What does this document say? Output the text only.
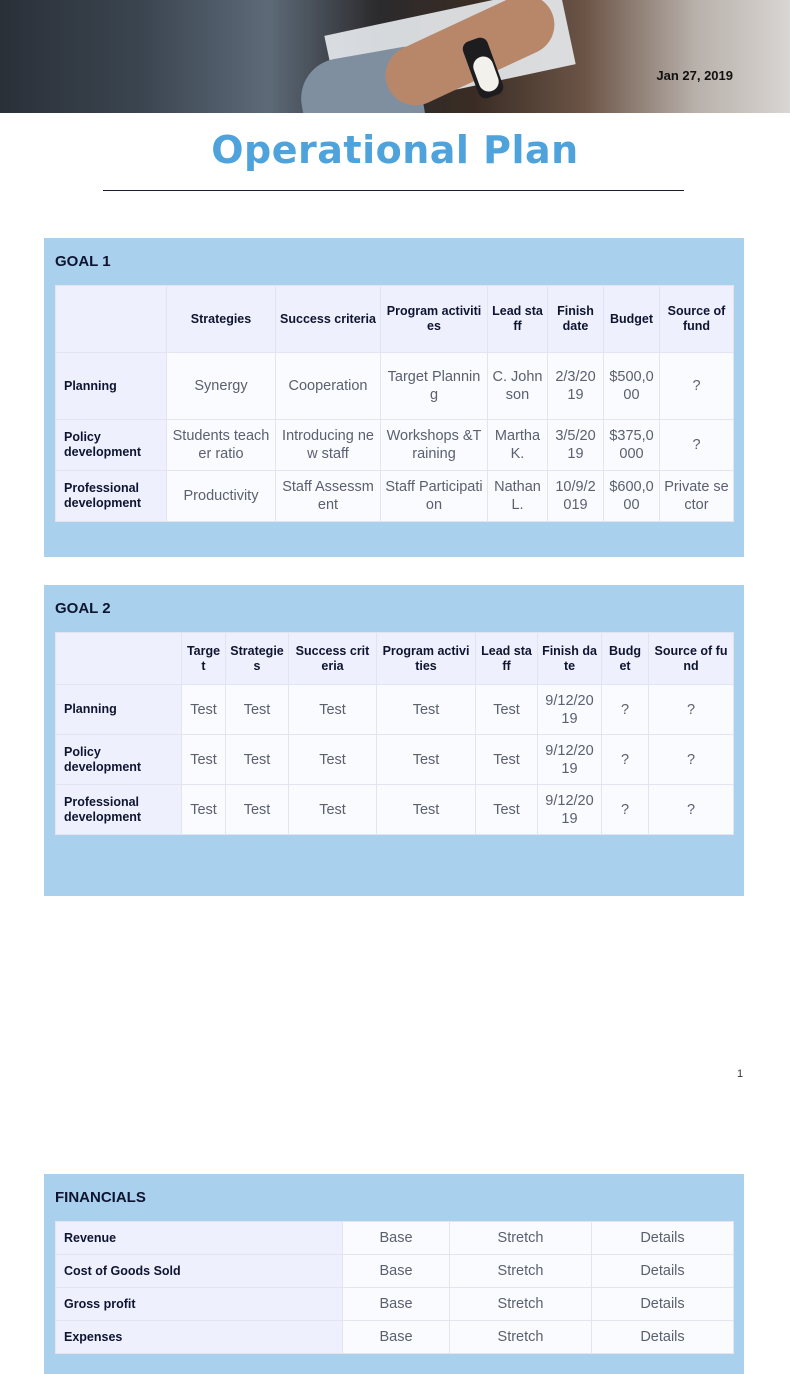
Jan 27, 2019
Operational Plan
GOAL 1
	Strategies	Success criteria	Program activities	Lead staff	Finish date	Budget	Source of fund
Planning	Synergy	Cooperation	Target Planning	C. Johnson	2/3/2019	$500,000	?
Policy development	Students teacher ratio	Introducing new staff	Workshops &Training	Martha K.	3/5/2019	$375,0000	?
Professional development	Productivity	Staff Assessment	Staff Participation	Nathan L.	10/9/2019	$600,000	Private sector
GOAL 2
	Target	Strategies	Success criteria	Program activities	Lead staff	Finish date	Budget	Source of fund
Planning	Test	Test	Test	Test	Test	9/12/2019	?	?
Policy development	Test	Test	Test	Test	Test	9/12/2019	?	?
Professional development	Test	Test	Test	Test	Test	9/12/2019	?	?
1
FINANCIALS
Revenue	Base	Stretch	Details
Cost of Goods Sold	Base	Stretch	Details
Gross profit	Base	Stretch	Details
Expenses	Base	Stretch	Details
